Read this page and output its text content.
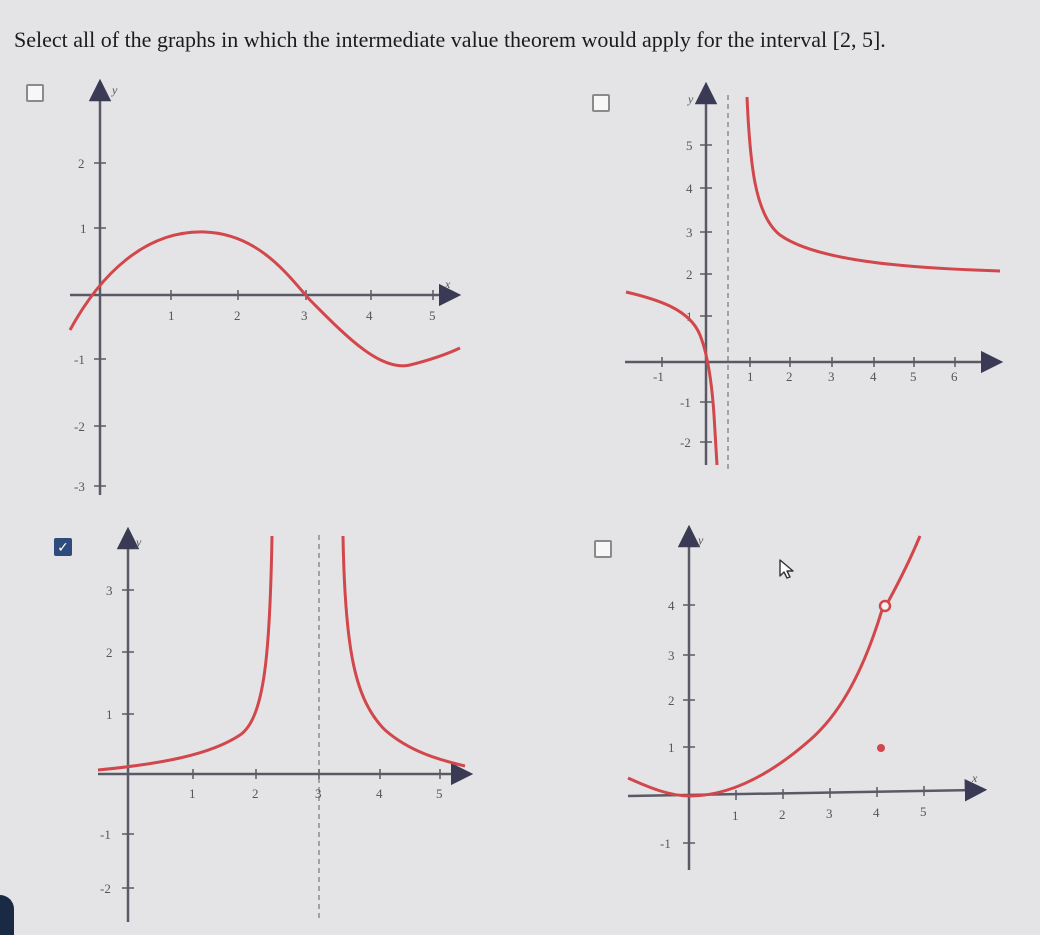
Select all of the graphs in which the intermediate value theorem would apply for the interval [2, 5].
y
x
1	2	3	4	5
2
1
-1
-2
-3
y
-1	1	2	3	4	5	6
5
4
3
2
1
-1
-2
✓	y
1	2	3	4	5
3
2
1
-1
-2
y
x
1	2	3	4	5
4
3
2
1
-1
